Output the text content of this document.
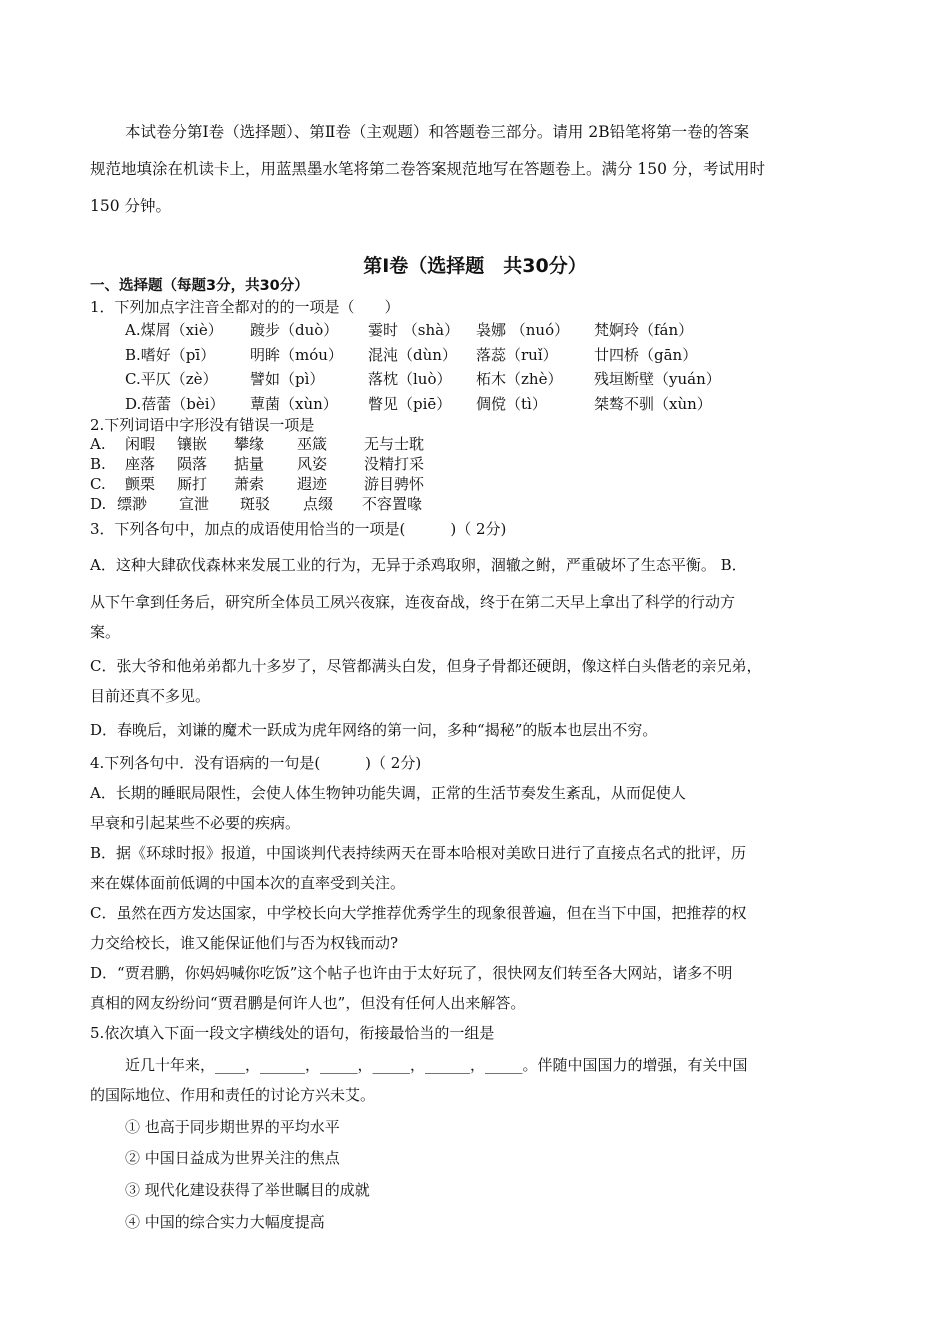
本试卷分第Ⅰ卷（选择题）、第Ⅱ卷（主观题）和答题卷三部分。请用 2B铅笔将第一卷的答案
规范地填涂在机读卡上，用蓝黑墨水笔将第二卷答案规范地写在答题卷上。满分 150 分，考试用时
150 分钟。
第Ⅰ卷（选择题　共30分）
一、选择题（每题3分，共30分）
1．下列加点字注音全都对的的一项是（　　）
A.煤屑（xiè） 踱步（duò） 霎时 （shà） 袅娜 （nuó） 梵婀玲（fán）
B.嗜好（pī） 明眸（móu） 混沌（dùn） 落蕊（ruǐ） 廿四桥（gān）
C.平仄（zè） 譬如（pì）	落枕（luò） 柘木（zhè） 残垣断壁（yuán）
D.蓓蕾（bèi） 蕈菌（xùn） 瞥见（piē） 倜傥（tì）	桀骜不驯（xùn）
2.下列词语中字形没有错误一项是
A. 闲暇 镶嵌 攀缘 巫箴 无与士耽
B. 座落 陨落 掂量 风姿 没精打采
C. 颤栗 厮打 萧索 遐迹 游目骋怀
D. 缥渺 宣泄 斑驳 点缀 不容置喙
3．下列各句中，加点的成语使用恰当的一项是(　　　)（ 2分)
A．这种大肆砍伐森林来发展工业的行为，无异于杀鸡取卵，涸辙之鲋，严重破坏了生态平衡。 B．
从下午拿到任务后，研究所全体员工夙兴夜寐，连夜奋战，终于在第二天早上拿出了科学的行动方
案。
C．张大爷和他弟弟都九十多岁了，尽管都满头白发，但身子骨都还硬朗，像这样白头偕老的亲兄弟，
目前还真不多见。
D．春晚后，刘谦的魔术一跃成为虎年网络的第一问，多种“揭秘”的版本也层出不穷。
4.下列各句中．没有语病的一句是(　　　)（ 2分)
A．长期的睡眠局限性，会使人体生物钟功能失调，正常的生活节奏发生紊乱，从而促使人
早衰和引起某些不必要的疾病。
B．据《环球时报》报道，中国谈判代表持续两天在哥本哈根对美欧日进行了直接点名式的批评，历
来在媒体面前低调的中国本次的直率受到关注。
C．虽然在西方发达国家，中学校长向大学推荐优秀学生的现象很普遍，但在当下中国，把推荐的权
力交给校长，谁又能保证他们与否为权钱而动?
D．“贾君鹏，你妈妈喊你吃饭”这个帖子也许由于太好玩了，很快网友们转至各大网站，诸多不明
真相的网友纷纷问“贾君鹏是何许人也”，但没有任何人出来解答。
5.依次填入下面一段文字横线处的语句，衔接最恰当的一组是
近几十年来，____，______，_____，_____，______，_____。伴随中国国力的增强，有关中国
的国际地位、作用和责任的讨论方兴未艾。
① 也高于同步期世界的平均水平
② 中国日益成为世界关注的焦点
③ 现代化建设获得了举世瞩目的成就
④ 中国的综合实力大幅度提高
